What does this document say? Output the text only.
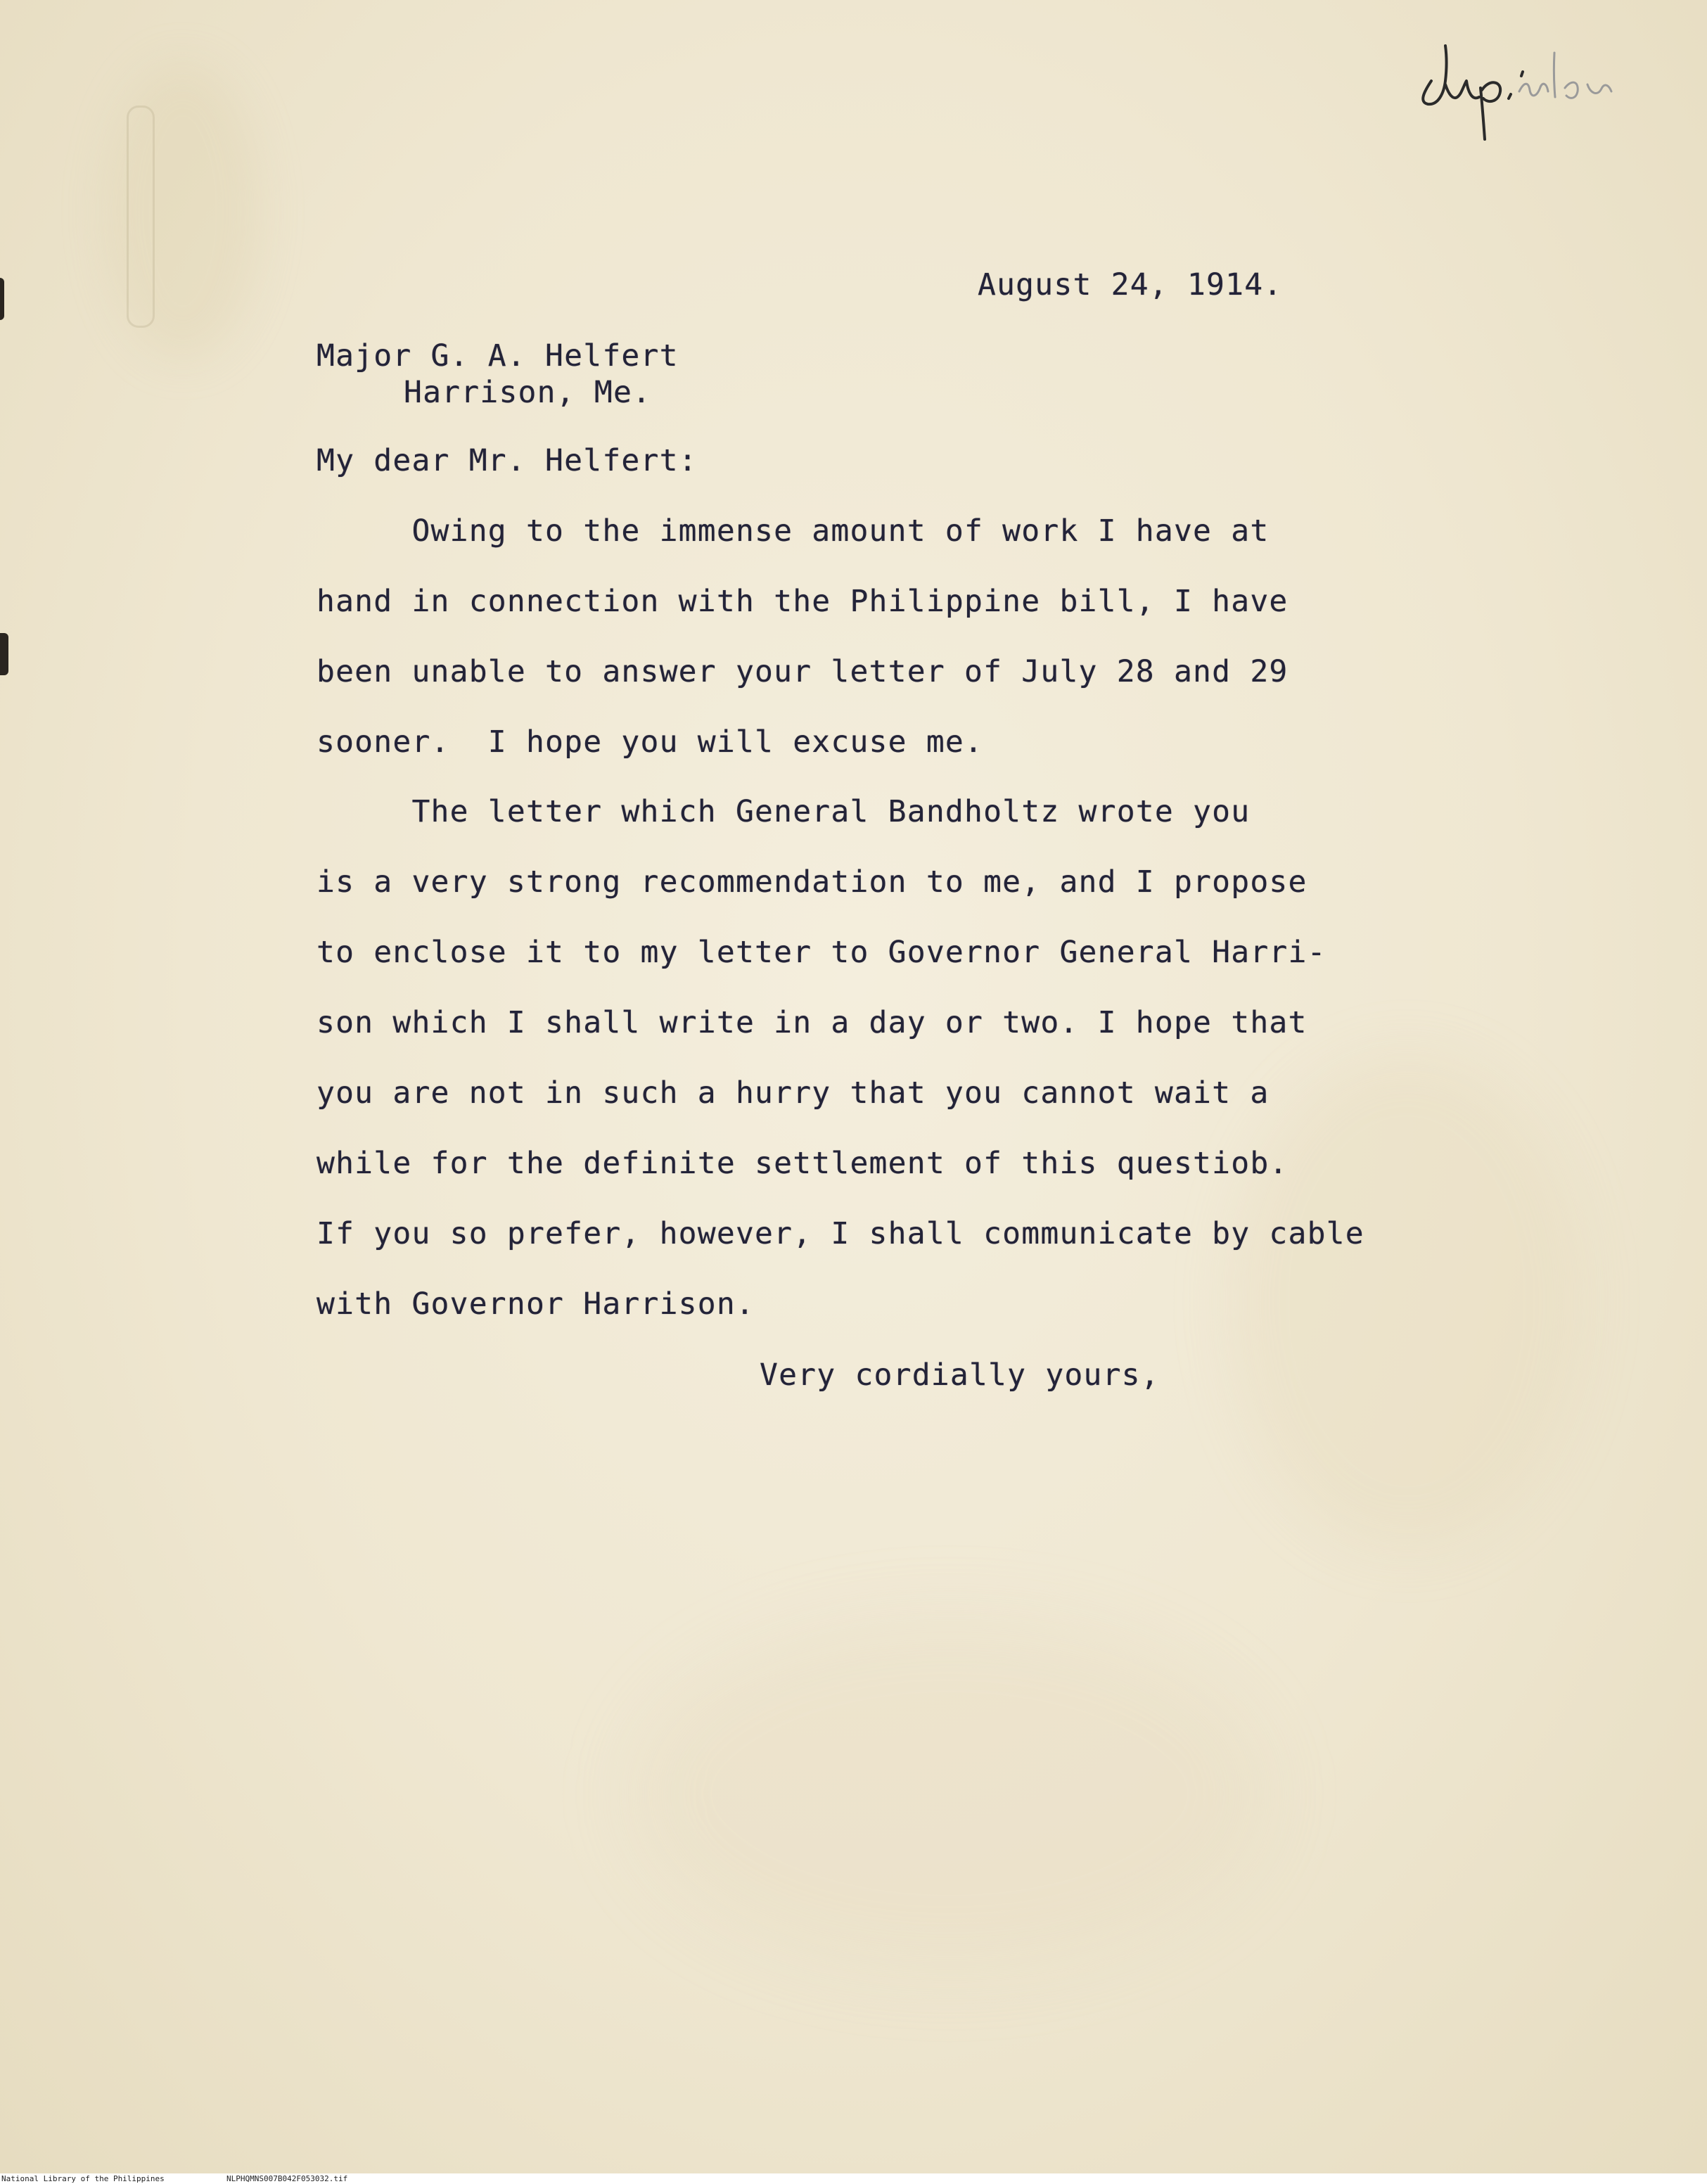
August 24, 1914.
Major G. A. Helfert
Harrison, Me.
My dear Mr. Helfert:
Owing to the immense amount of work I have at
hand in connection with the Philippine bill, I have
been unable to answer your letter of July 28 and 29
sooner.  I hope you will excuse me.
The letter which General Bandholtz wrote you
is a very strong recommendation to me, and I propose
to enclose it to my letter to Governor General Harri-
son which I shall write in a day or two. I hope that
you are not in such a hurry that you cannot wait a
while for the definite settlement of this questiob.
If you so prefer, however, I shall communicate by cable
with Governor Harrison.
Very cordially yours,
National Library of the Philippines	NLPHQMNS007B042F053032.tif
